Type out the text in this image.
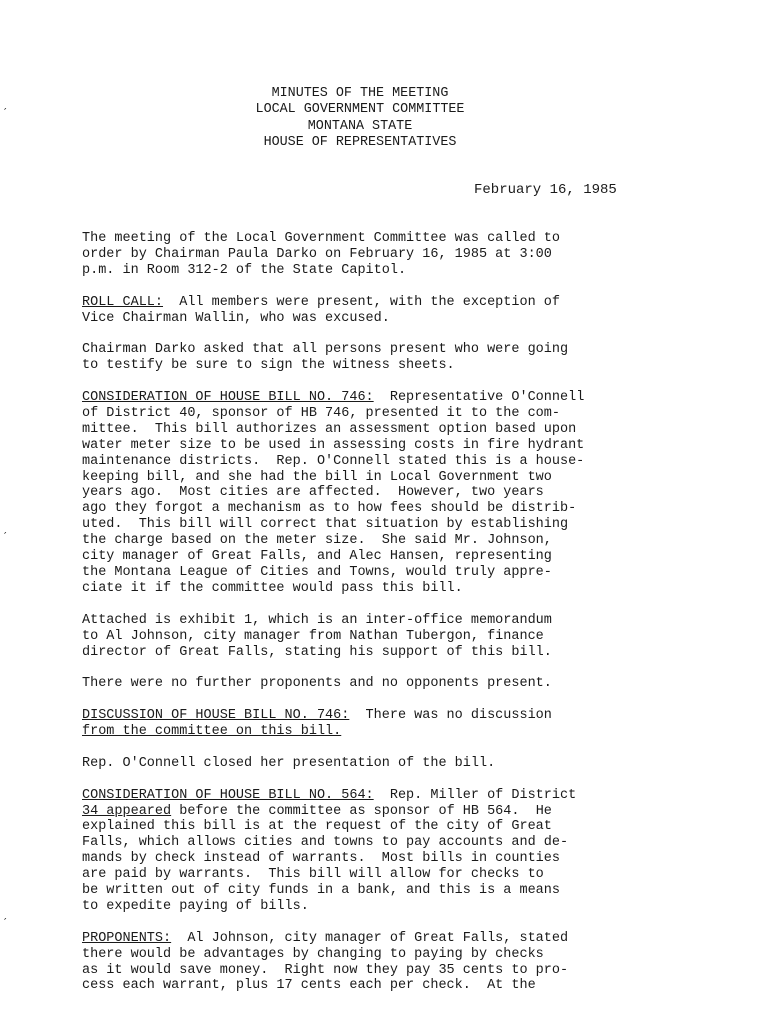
′
′
′
MINUTES OF THE MEETING
LOCAL GOVERNMENT COMMITTEE
MONTANA STATE
HOUSE OF REPRESENTATIVES
February 16, 1985

The meeting of the Local Government Committee was called to
order by Chairman Paula Darko on February 16, 1985 at 3:00
p.m. in Room 312-2 of the State Capitol.

ROLL CALL: All members were present, with the exception of
Vice Chairman Wallin, who was excused.

Chairman Darko asked that all persons present who were going
to testify be sure to sign the witness sheets.

CONSIDERATION OF HOUSE BILL NO. 746: Representative O'Connell
of District 40, sponsor of HB 746, presented it to the com-
mittee.  This bill authorizes an assessment option based upon
water meter size to be used in assessing costs in fire hydrant
maintenance districts.  Rep. O'Connell stated this is a house-
keeping bill, and she had the bill in Local Government two
years ago.  Most cities are affected.  However, two years
ago they forgot a mechanism as to how fees should be distrib-
uted.  This bill will correct that situation by establishing
the charge based on the meter size.  She said Mr. Johnson,
city manager of Great Falls, and Alec Hansen, representing
the Montana League of Cities and Towns, would truly appre-
ciate it if the committee would pass this bill.

Attached is exhibit 1, which is an inter-office memorandum
to Al Johnson, city manager from Nathan Tubergon, finance
director of Great Falls, stating his support of this bill.

There were no further proponents and no opponents present.

DISCUSSION OF HOUSE BILL NO. 746: There was no discussion
from the committee on this bill.

Rep. O'Connell closed her presentation of the bill.

CONSIDERATION OF HOUSE BILL NO. 564: Rep. Miller of District
34 appeared before the committee as sponsor of HB 564.  He
explained this bill is at the request of the city of Great
Falls, which allows cities and towns to pay accounts and de-
mands by check instead of warrants.  Most bills in counties
are paid by warrants.  This bill will allow for checks to
be written out of city funds in a bank, and this is a means
to expedite paying of bills.

PROPONENTS: Al Johnson, city manager of Great Falls, stated
there would be advantages by changing to paying by checks
as it would save money.  Right now they pay 35 cents to pro-
cess each warrant, plus 17 cents each per check.  At the
